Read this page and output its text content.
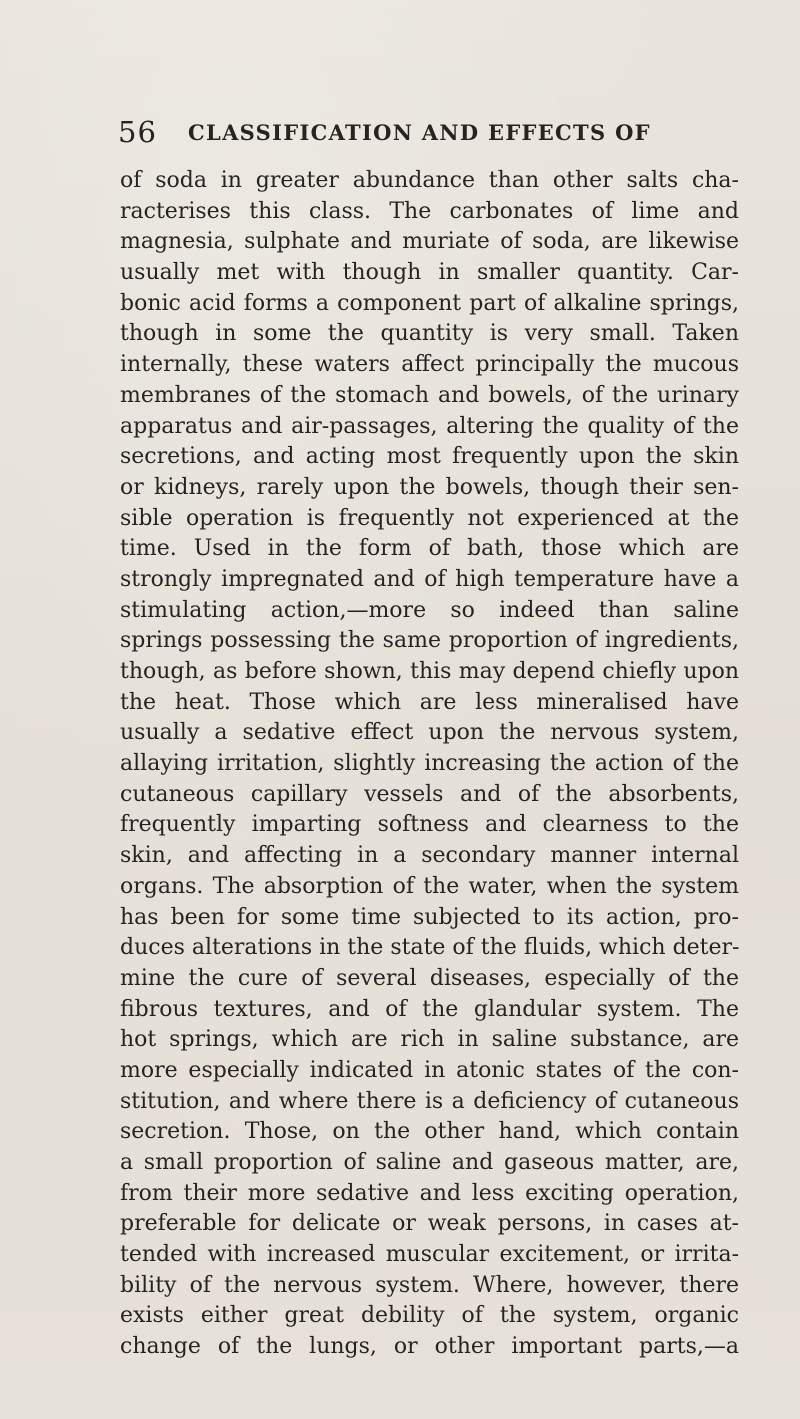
56 CLASSIFICATION AND EFFECTS OF
of soda in greater abundance than other salts cha-
racterises this class. The carbonates of lime and
magnesia, sulphate and muriate of soda, are likewise
usually met with though in smaller quantity. Car-
bonic acid forms a component part of alkaline springs,
though in some the quantity is very small. Taken
internally, these waters affect principally the mucous
membranes of the stomach and bowels, of the urinary
apparatus and air-passages, altering the quality of the
secretions, and acting most frequently upon the skin
or kidneys, rarely upon the bowels, though their sen-
sible operation is frequently not experienced at the
time. Used in the form of bath, those which are
strongly impregnated and of high temperature have a
stimulating action,—more so indeed than saline
springs possessing the same proportion of ingredients,
though, as before shown, this may depend chiefly upon
the heat. Those which are less mineralised have
usually a sedative effect upon the nervous system,
allaying irritation, slightly increasing the action of the
cutaneous capillary vessels and of the absorbents,
frequently imparting softness and clearness to the
skin, and affecting in a secondary manner internal
organs. The absorption of the water, when the system
has been for some time subjected to its action, pro-
duces alterations in the state of the fluids, which deter-
mine the cure of several diseases, especially of the
fibrous textures, and of the glandular system. The
hot springs, which are rich in saline substance, are
more especially indicated in atonic states of the con-
stitution, and where there is a deficiency of cutaneous
secretion. Those, on the other hand, which contain
a small proportion of saline and gaseous matter, are,
from their more sedative and less exciting operation,
preferable for delicate or weak persons, in cases at-
tended with increased muscular excitement, or irrita-
bility of the nervous system. Where, however, there
exists either great debility of the system, organic
change of the lungs, or other important parts,—a
